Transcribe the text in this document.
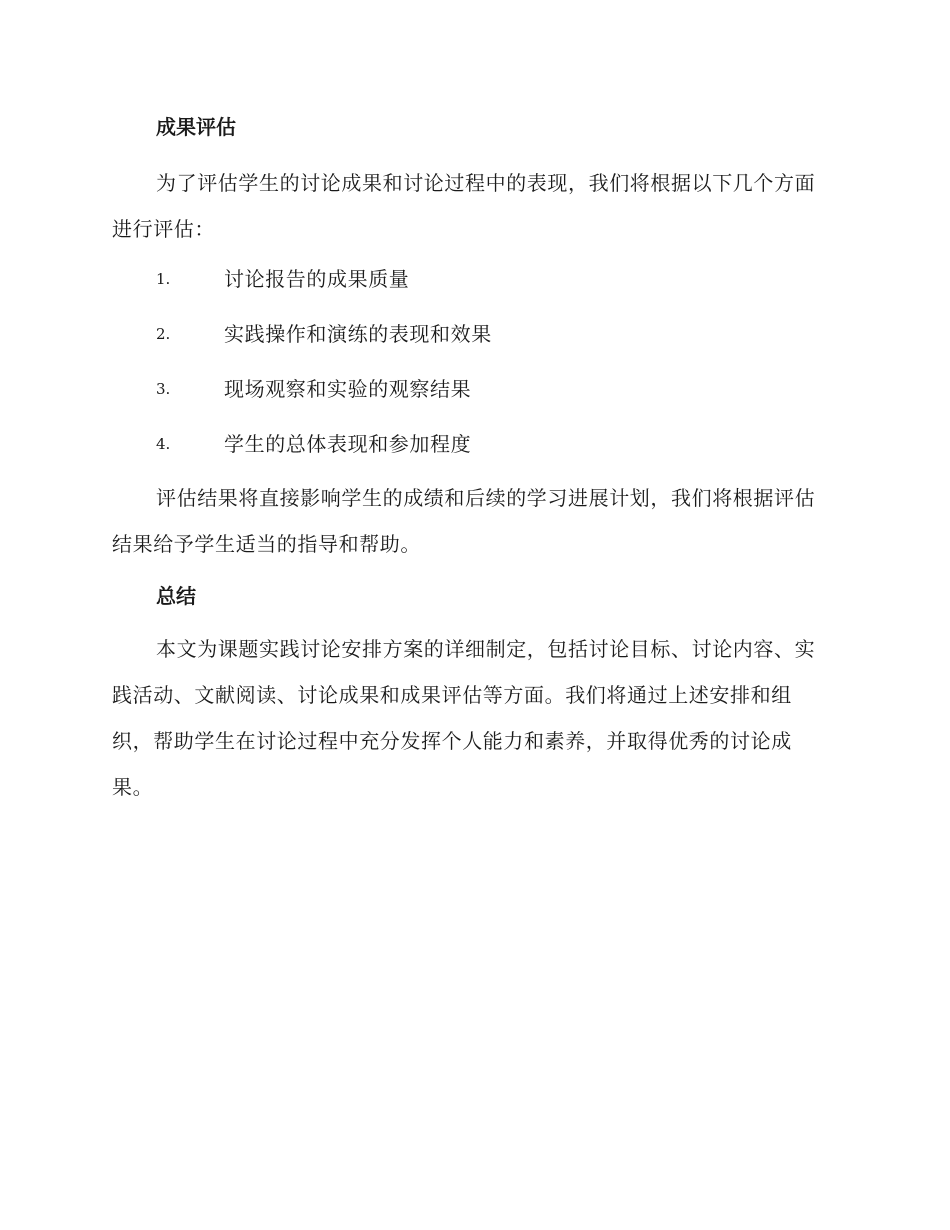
成果评估

为了评估学生的讨论成果和讨论过程中的表现，我们将根据以下几个方面进行评估：

1.	讨论报告的成果质量
2.	实践操作和演练的表现和效果
3.	现场观察和实验的观察结果
4.	学生的总体表现和参加程度

评估结果将直接影响学生的成绩和后续的学习进展计划，我们将根据评估结果给予学生适当的指导和帮助。

总结

本文为课题实践讨论安排方案的详细制定，包括讨论目标、讨论内容、实践活动、文献阅读、讨论成果和成果评估等方面。我们将通过上述安排和组织，帮助学生在讨论过程中充分发挥个人能力和素养，并取得优秀的讨论成果。
